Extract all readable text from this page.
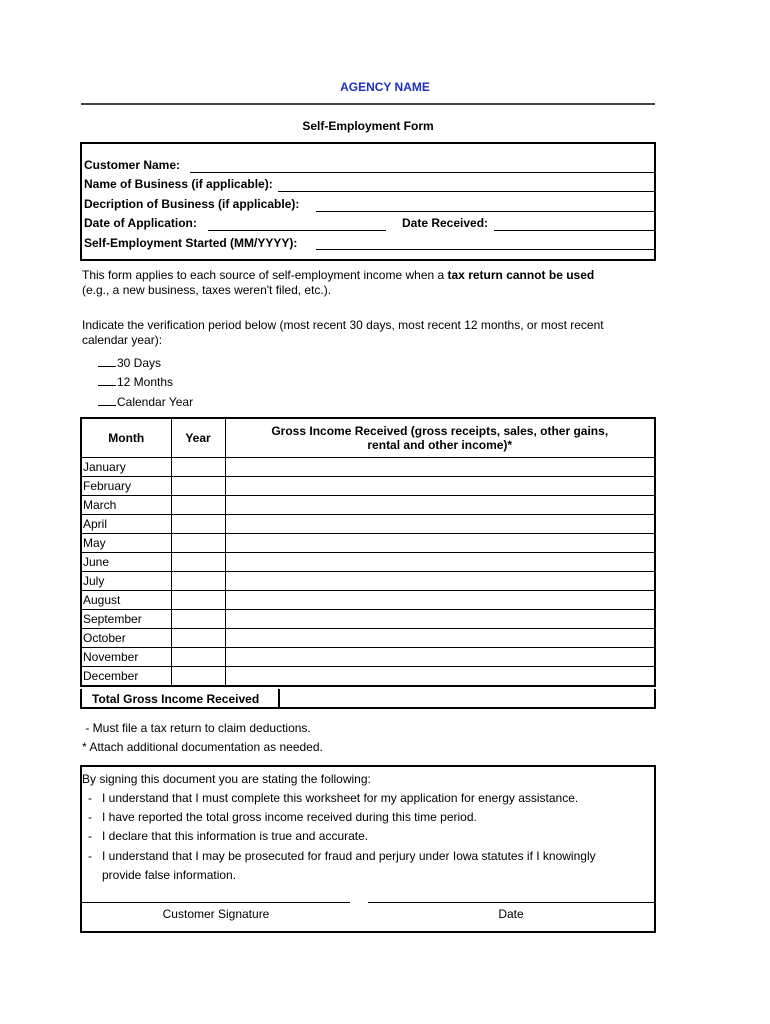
AGENCY NAME
Self-Employment Form
Customer Name:
Name of Business (if applicable):
Decription of Business (if applicable):
Date of Application:	Date Received:
Self-Employment Started (MM/YYYY):
This form applies to each source of self-employment income when a tax return cannot be used
(e.g., a new business, taxes weren't filed, etc.).
Indicate the verification period below (most recent 30 days, most recent 12 months, or most recent calendar year):
30 Days
12 Months
Calendar Year
Month	Year	Gross Income Received (gross receipts, sales, other gains, rental and other income)*
January		
February		
March		
April		
May		
June		
July		
August		
September		
October		
November		
December		
Total Gross Income Received
- Must file a tax return to claim deductions.
* Attach additional documentation as needed.
By signing this document you are stating the following:
- I understand that I must complete this worksheet for my application for energy assistance.
- I have reported the total gross income received during this time period.
- I declare that this information is true and accurate.
- I understand that I may be prosecuted for fraud and perjury under Iowa statutes if I knowingly
provide false information.
Customer Signature	Date
